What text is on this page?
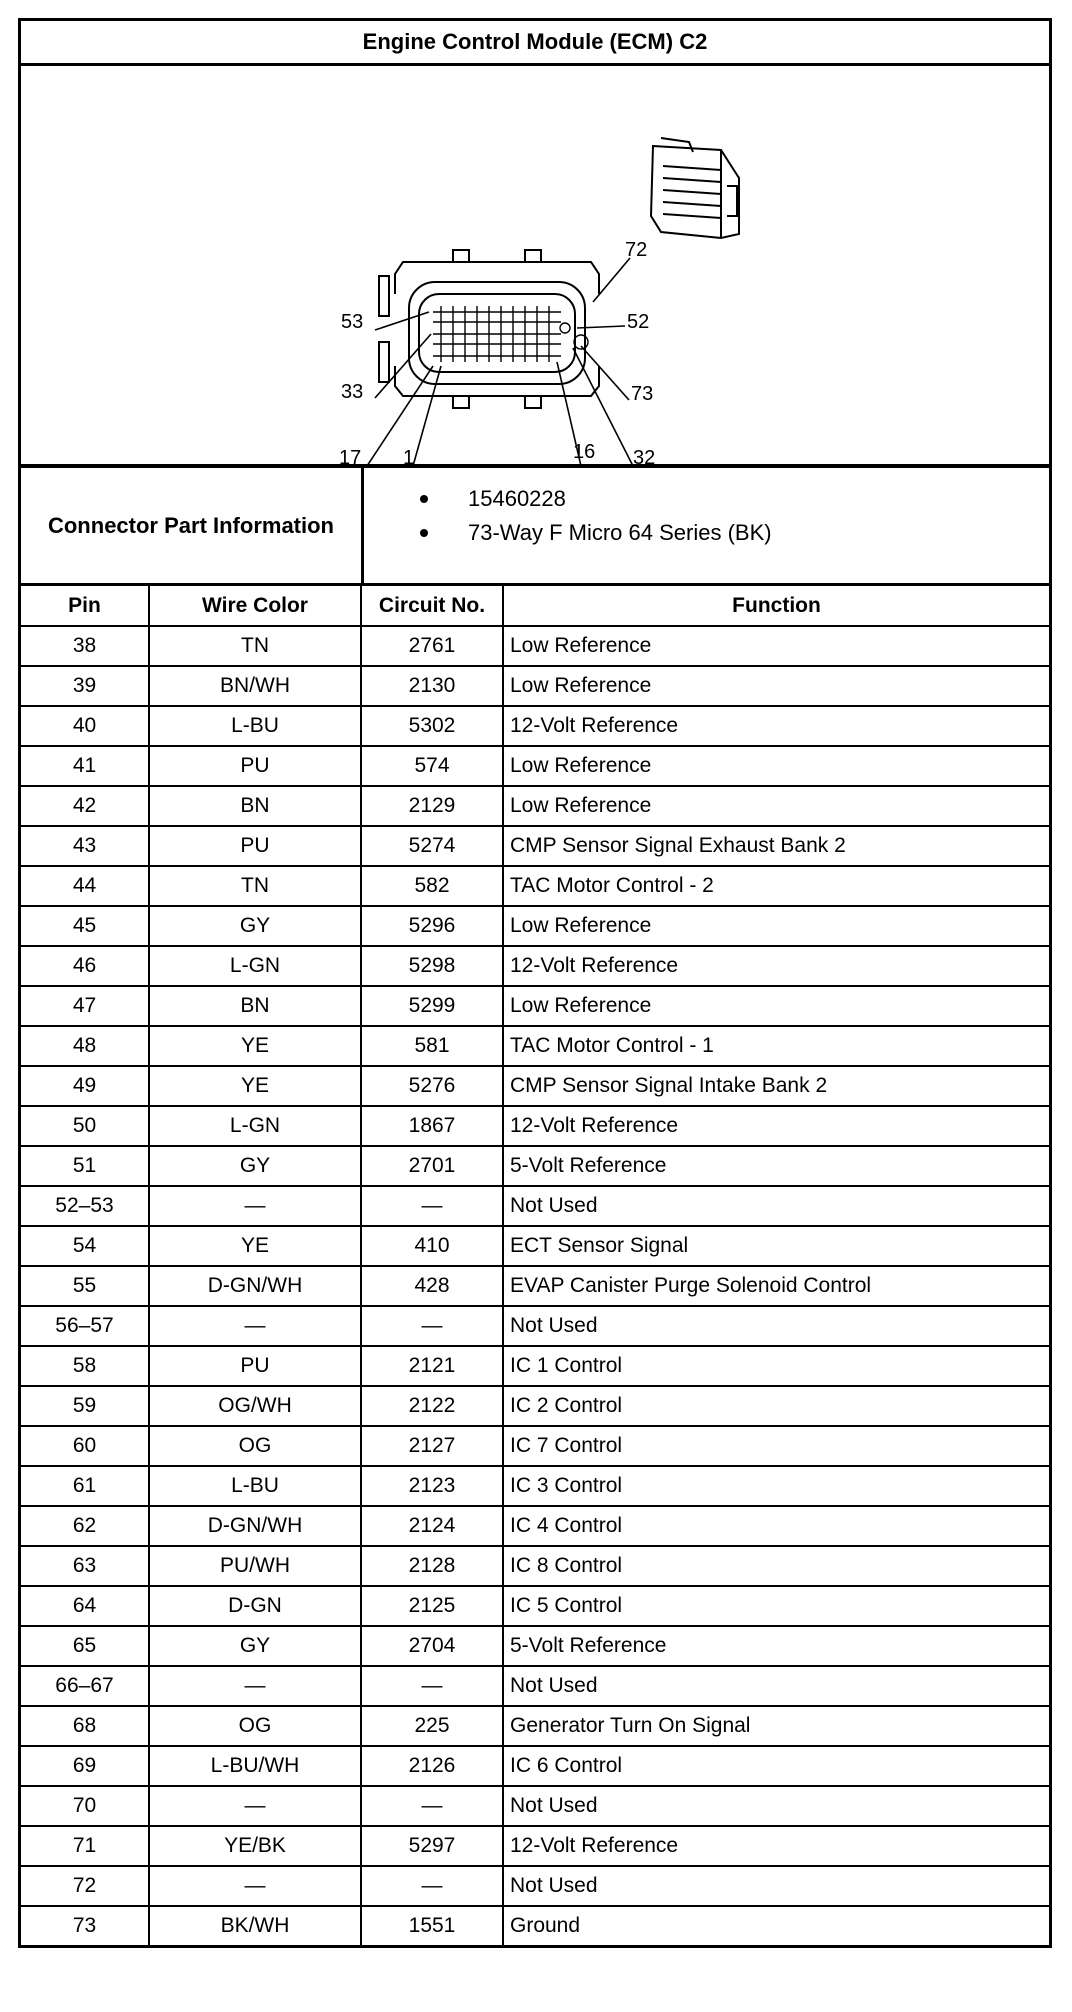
Engine Control Module (ECM) C2
72
53	52
33	73
17 1	16 32
Connector Part Information
15460228
73-Way F Micro 64 Series (BK)
Pin	Wire Color	Circuit No.	Function
38	TN	2761	Low Reference
39	BN/WH	2130	Low Reference
40	L-BU	5302	12-Volt Reference
41	PU	574	Low Reference
42	BN	2129	Low Reference
43	PU	5274	CMP Sensor Signal Exhaust Bank 2
44	TN	582	TAC Motor Control - 2
45	GY	5296	Low Reference
46	L-GN	5298	12-Volt Reference
47	BN	5299	Low Reference
48	YE	581	TAC Motor Control - 1
49	YE	5276	CMP Sensor Signal Intake Bank 2
50	L-GN	1867	12-Volt Reference
51	GY	2701	5-Volt Reference
52–53	—	—	Not Used
54	YE	410	ECT Sensor Signal
55	D-GN/WH	428	EVAP Canister Purge Solenoid Control
56–57	—	—	Not Used
58	PU	2121	IC 1 Control
59	OG/WH	2122	IC 2 Control
60	OG	2127	IC 7 Control
61	L-BU	2123	IC 3 Control
62	D-GN/WH	2124	IC 4 Control
63	PU/WH	2128	IC 8 Control
64	D-GN	2125	IC 5 Control
65	GY	2704	5-Volt Reference
66–67	—	—	Not Used
68	OG	225	Generator Turn On Signal
69	L-BU/WH	2126	IC 6 Control
70	—	—	Not Used
71	YE/BK	5297	12-Volt Reference
72	—	—	Not Used
73	BK/WH	1551	Ground
